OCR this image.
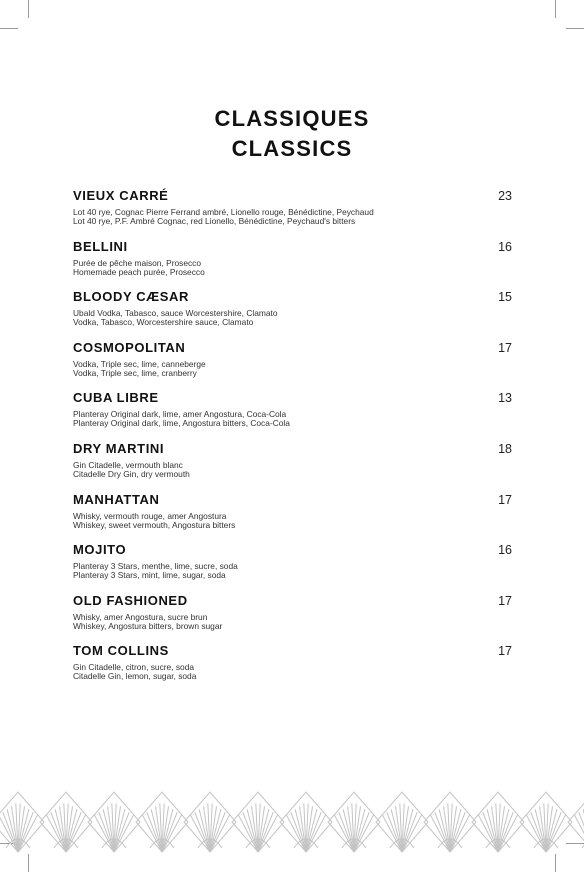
CLASSIQUES
CLASSICS
VIEUX CARRÉ	23
Lot 40 rye, Cognac Pierre Ferrand ambré, Lionello rouge, Bénédictine, Peychaud
Lot 40 rye, P.F. Ambré Cognac, red Lionello, Bénédictine, Peychaud's bitters
BELLINI	16
Purée de pêche maison, Prosecco
Homemade peach purée, Prosecco
BLOODY CÆSAR	15
Ubald Vodka, Tabasco, sauce Worcestershire, Clamato
Vodka, Tabasco, Worcestershire sauce, Clamato
COSMOPOLITAN	17
Vodka, Triple sec, lime, canneberge
Vodka, Triple sec, lime, cranberry
CUBA LIBRE	13
Planteray Original dark, lime, amer Angostura, Coca-Cola
Planteray Original dark, lime, Angostura bitters, Coca-Cola
DRY MARTINI	18
Gin Citadelle, vermouth blanc
Citadelle Dry Gin, dry vermouth
MANHATTAN	17
Whisky, vermouth rouge, amer Angostura
Whiskey, sweet vermouth, Angostura bitters
MOJITO	16
Planteray 3 Stars, menthe, lime, sucre, soda
Planteray 3 Stars, mint, lime, sugar, soda
OLD FASHIONED	17
Whisky, amer Angostura, sucre brun
Whiskey, Angostura bitters, brown sugar
TOM COLLINS	17
Gin Citadelle, citron, sucre, soda
Citadelle Gin, lemon, sugar, soda
